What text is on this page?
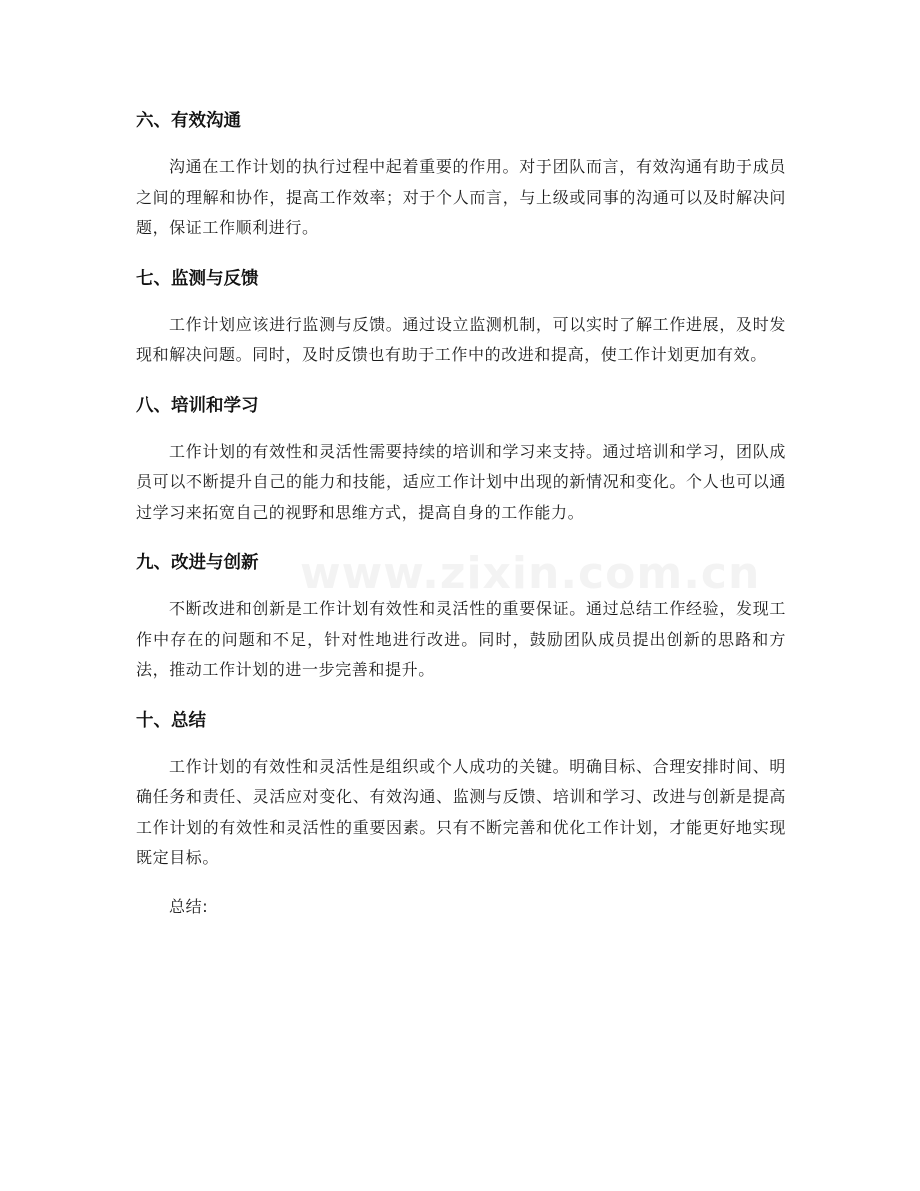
www.zixin.com.cn
六、有效沟通

沟通在工作计划的执行过程中起着重要的作用。对于团队而言，有效沟通有助于成员之间的理解和协作，提高工作效率；对于个人而言，与上级或同事的沟通可以及时解决问题，保证工作顺利进行。

七、监测与反馈

工作计划应该进行监测与反馈。通过设立监测机制，可以实时了解工作进展，及时发现和解决问题。同时，及时反馈也有助于工作中的改进和提高，使工作计划更加有效。

八、培训和学习

工作计划的有效性和灵活性需要持续的培训和学习来支持。通过培训和学习，团队成员可以不断提升自己的能力和技能，适应工作计划中出现的新情况和变化。个人也可以通过学习来拓宽自己的视野和思维方式，提高自身的工作能力。

九、改进与创新

不断改进和创新是工作计划有效性和灵活性的重要保证。通过总结工作经验，发现工作中存在的问题和不足，针对性地进行改进。同时，鼓励团队成员提出创新的思路和方法，推动工作计划的进一步完善和提升。

十、总结

工作计划的有效性和灵活性是组织或个人成功的关键。明确目标、合理安排时间、明确任务和责任、灵活应对变化、有效沟通、监测与反馈、培训和学习、改进与创新是提高工作计划的有效性和灵活性的重要因素。只有不断完善和优化工作计划，才能更好地实现既定目标。

总结:
